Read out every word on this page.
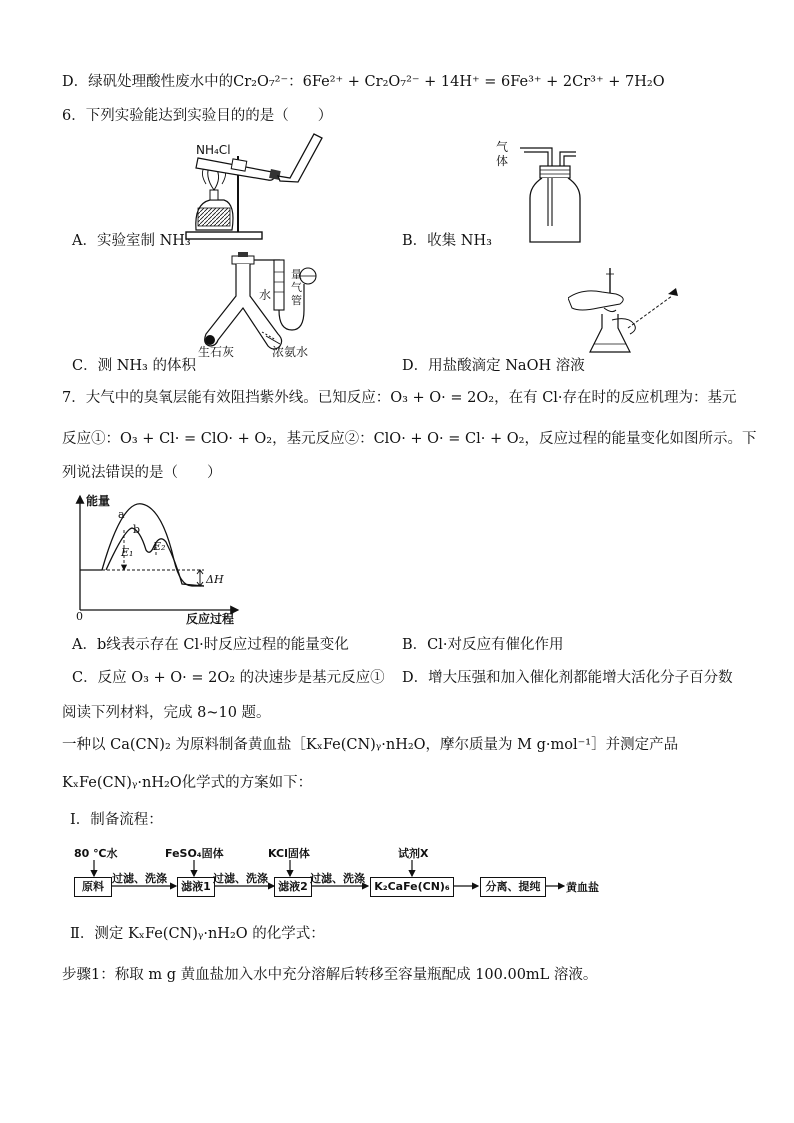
D．绿矾处理酸性废水中的Cr₂O₇²⁻：6Fe²⁺ + Cr₂O₇²⁻ + 14H⁺ = 6Fe³⁺ + 2Cr³⁺ + 7H₂O
6．下列实验能达到实验目的的是（　　）
NH₄Cl
A．实验室制 NH₃
气
体
B．收集 NH₃
水
量
气
管
生石灰	浓氨水
C．测 NH₃ 的体积	D．用盐酸滴定 NaOH 溶液
7．大气中的臭氧层能有效阻挡紫外线。已知反应：O₃ + O· = 2O₂，在有 Cl·存在时的反应机理为：基元
反应①：O₃ + Cl· = ClO· + O₂，基元反应②：ClO· + O· = Cl· + O₂，反应过程的能量变化如图所示。下
列说法错误的是（　　）
能量
a
b
E₁ E₂
ΔH
0	反应过程
A．b线表示存在 Cl·时反应过程的能量变化	B．Cl·对反应有催化作用
C．反应 O₃ + O· = 2O₂ 的决速步是基元反应① D．增大压强和加入催化剂都能增大活化分子百分数
阅读下列材料，完成 8~10 题。
一种以 Ca(CN)₂ 为原料制备黄血盐［KₓFe(CN)ᵧ·nH₂O，摩尔质量为 M g·mol⁻¹］并测定产品
KₓFe(CN)ᵧ·nH₂O化学式的方案如下：
Ⅰ．制备流程：
80 ℃水	FeSO₄固体	KCl固体	试剂X
原料
过滤、洗涤
滤液1
过滤、洗涤
滤液2
过滤、洗涤
K₂CaFe(CN)₆	分离、提纯	黄血盐
Ⅱ．测定 KₓFe(CN)ᵧ·nH₂O 的化学式：
步骤1：称取 m g 黄血盐加入水中充分溶解后转移至容量瓶配成 100.00mL 溶液。
